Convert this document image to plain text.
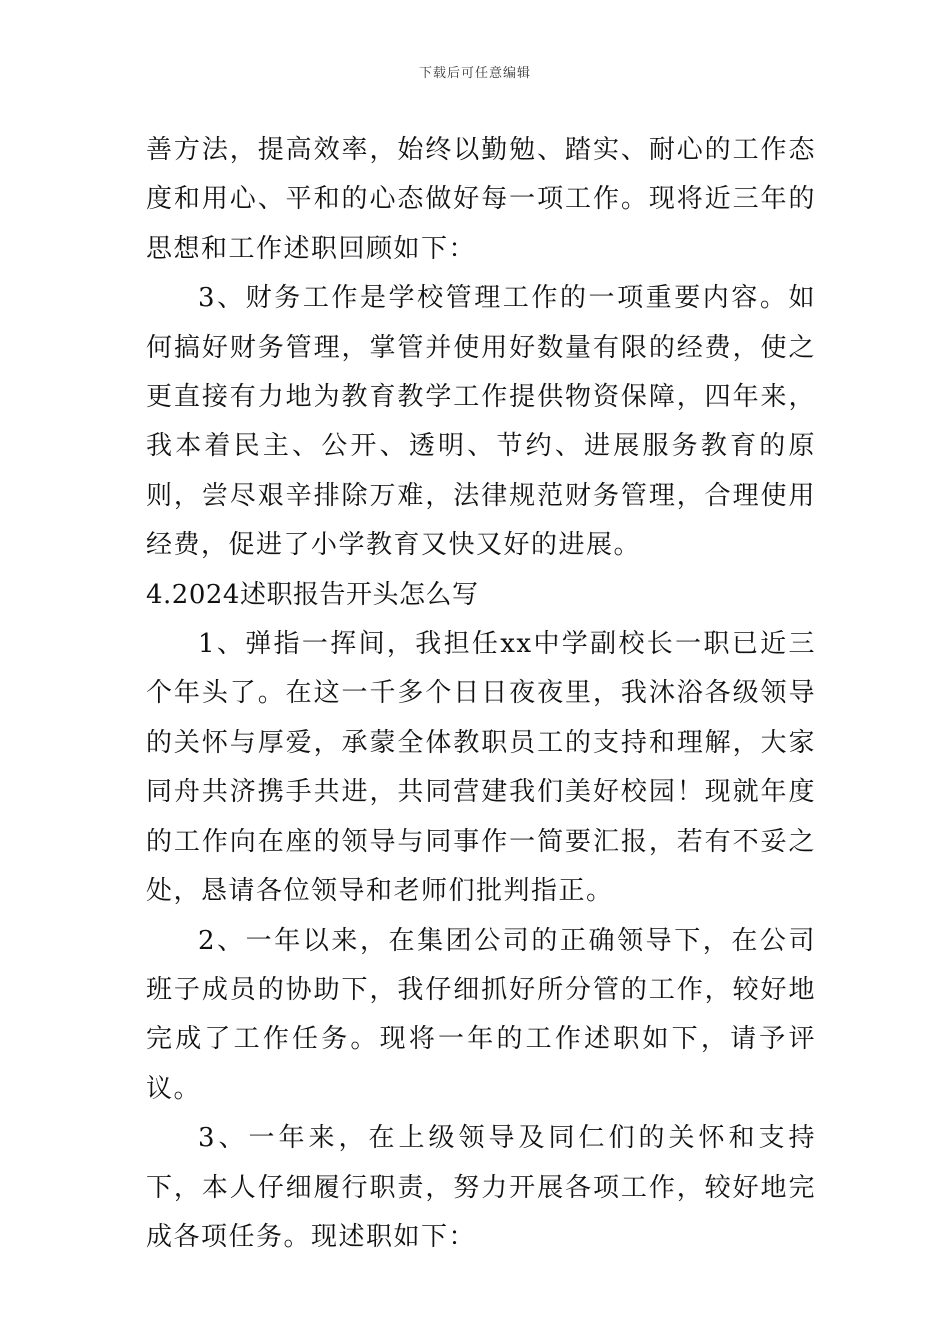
下载后可任意编辑

善方法，提高效率，始终以勤勉、踏实、耐心的工作态度和用心、平和的心态做好每一项工作。现将近三年的思想和工作述职回顾如下：

3、财务工作是学校管理工作的一项重要内容。如何搞好财务管理，掌管并使用好数量有限的经费，使之更直接有力地为教育教学工作提供物资保障，四年来，我本着民主、公开、透明、节约、进展服务教育的原则，尝尽艰辛排除万难，法律规范财务管理，合理使用经费，促进了小学教育又快又好的进展。

4.2024述职报告开头怎么写

1、弹指一挥间，我担任xx中学副校长一职已近三个年头了。在这一千多个日日夜夜里，我沐浴各级领导的关怀与厚爱，承蒙全体教职员工的支持和理解，大家同舟共济携手共进，共同营建我们美好校园！现就年度的工作向在座的领导与同事作一简要汇报，若有不妥之处，恳请各位领导和老师们批判指正。

2、一年以来，在集团公司的正确领导下，在公司班子成员的协助下，我仔细抓好所分管的工作，较好地完成了工作任务。现将一年的工作述职如下，请予评议。

3、一年来，在上级领导及同仁们的关怀和支持下，本人仔细履行职责，努力开展各项工作，较好地完成各项任务。现述职如下：
